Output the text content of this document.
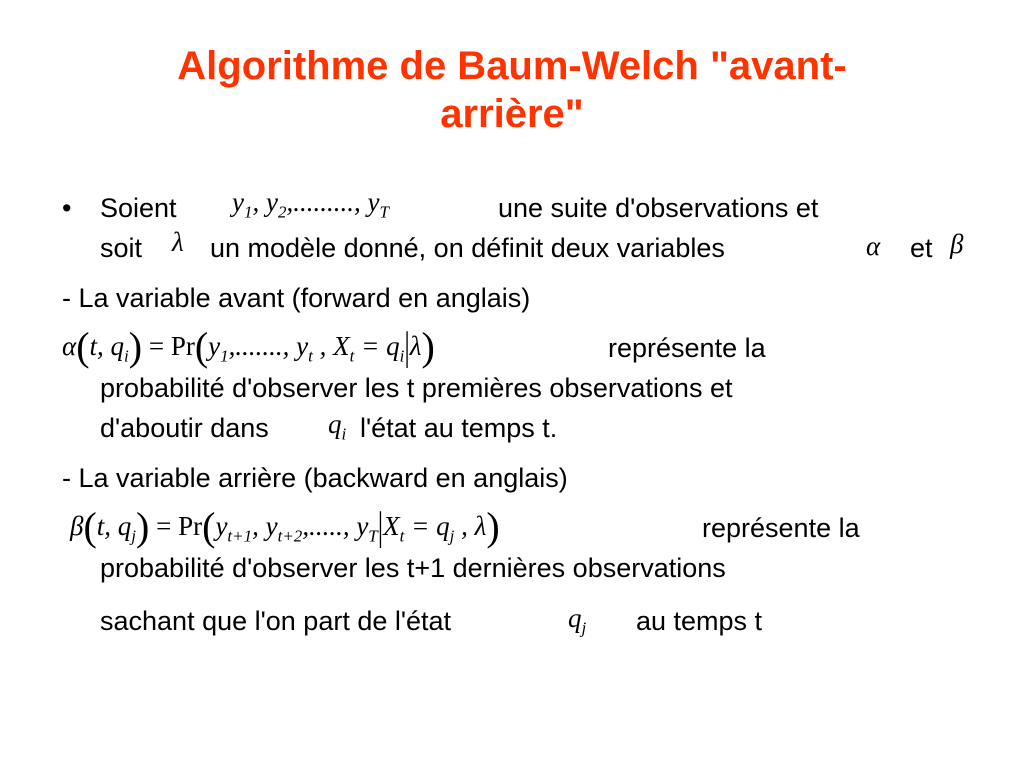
Algorithme de Baum-Welch "avant-arrière"
• Soient $y_1$, $y_2$,........., $y_T$	une suite d'observations et
soit λ un modèle donné, on définit deux variables	α et β
- La variable avant (forward en anglais)
α(t, $q_i) = Pr(y_1$,......., $y_t$ , $X_t = q_i|\lambda$)	représente la
probabilité d'observer les t premières observations et
d'aboutir dans $q_i$ l'état au temps t.
- La variable arrière (backward en anglais)
β(t, $q_j) = Pr(y_{t+1}$, $y_{t+2}$,....., $y_T|X_t = q_j$ , λ)	représente la
probabilité d'observer les t+1 dernières observations
sachant que l'on part de l'état	$q_j$ au temps t
